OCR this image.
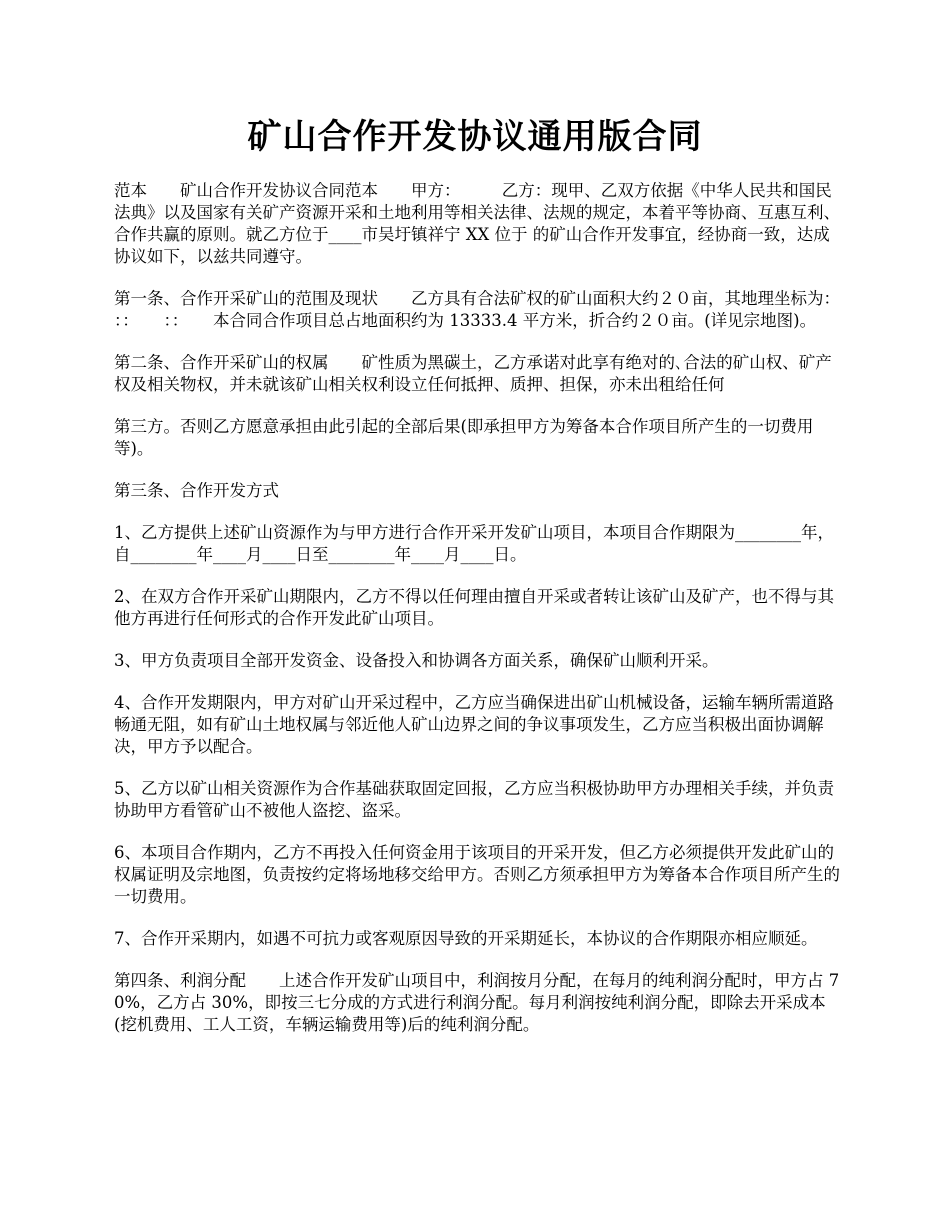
矿山合作开发协议通用版合同

范本　　矿山合作开发协议合同范本　　甲方：　　　乙方：现甲、乙双方依据《中华人民共和国民法典》以及国家有关矿产资源开采和土地利用等相关法律、法规的规定，本着平等协商、互惠互利、合作共赢的原则。就乙方位于____市吴圩镇祥宁 XX 位于 的矿山合作开发事宜，经协商一致，达成协议如下，以兹共同遵守。

第一条、合作开采矿山的范围及现状　　乙方具有合法矿权的矿山面积大约２０亩，其地理坐标为：　　：：　　：：　　本合同合作项目总占地面积约为 13333.4 平方米，折合约２０亩。(详见宗地图)。

第二条、合作开采矿山的权属　　矿性质为黑碳土，乙方承诺对此享有绝对的､合法的矿山权、矿产权及相关物权，并未就该矿山相关权利设立任何抵押、质押、担保，亦未出租给任何

第三方。否则乙方愿意承担由此引起的全部后果(即承担甲方为筹备本合作项目所产生的一切费用等)。

第三条、合作开发方式

1、乙方提供上述矿山资源作为与甲方进行合作开采开发矿山项目，本项目合作期限为________年，自________年____月____日至________年____月____日。

2、在双方合作开采矿山期限内，乙方不得以任何理由擅自开采或者转让该矿山及矿产，也不得与其他方再进行任何形式的合作开发此矿山项目。

3、甲方负责项目全部开发资金、设备投入和协调各方面关系，确保矿山顺利开采。

4、合作开发期限内，甲方对矿山开采过程中，乙方应当确保进出矿山机械设备，运输车辆所需道路畅通无阻，如有矿山土地权属与邻近他人矿山边界之间的争议事项发生，乙方应当积极出面协调解决，甲方予以配合。

5、乙方以矿山相关资源作为合作基础获取固定回报，乙方应当积极协助甲方办理相关手续，并负责协助甲方看管矿山不被他人盗挖、盗采。

6、本项目合作期内，乙方不再投入任何资金用于该项目的开采开发，但乙方必须提供开发此矿山的权属证明及宗地图，负责按约定将场地移交给甲方。否则乙方须承担甲方为筹备本合作项目所产生的一切费用。

7、合作开采期内，如遇不可抗力或客观原因导致的开采期延长，本协议的合作期限亦相应顺延。

第四条、利润分配　　上述合作开发矿山项目中，利润按月分配，在每月的纯利润分配时，甲方占 70%，乙方占 30%，即按三七分成的方式进行利润分配。每月利润按纯利润分配，即除去开采成本(挖机费用、工人工资，车辆运输费用等)后的纯利润分配。
